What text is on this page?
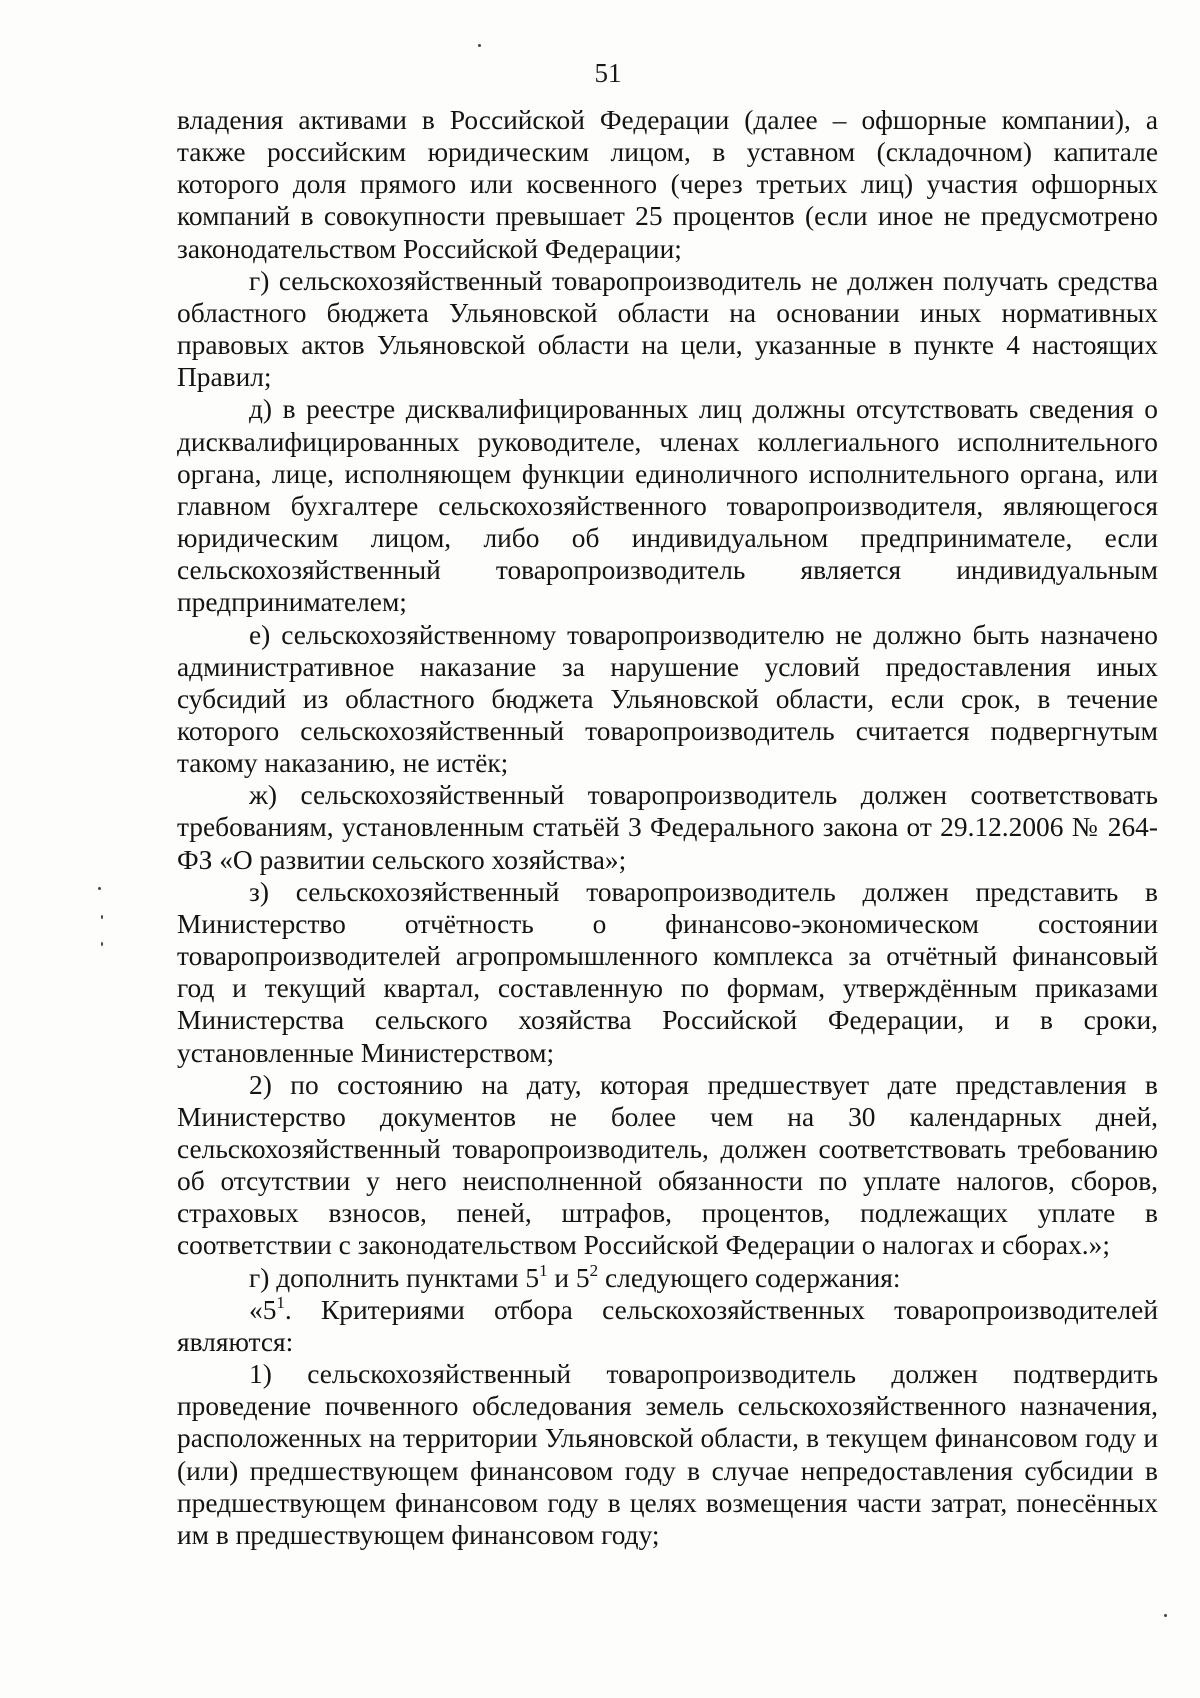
51

владения активами в Российской Федерации (далее – офшорные компании), а также российским юридическим лицом, в уставном (складочном) капитале которого доля прямого или косвенного (через третьих лиц) участия офшорных компаний в совокупности превышает 25 процентов (если иное не предусмотрено законодательством Российской Федерации;

г) сельскохозяйственный товаропроизводитель не должен получать средства областного бюджета Ульяновской области на основании иных нормативных правовых актов Ульяновской области на цели, указанные в пункте 4 настоящих Правил;

д) в реестре дисквалифицированных лиц должны отсутствовать сведения о дисквалифицированных руководителе, членах коллегиального исполнительного органа, лице, исполняющем функции единоличного исполнительного органа, или главном бухгалтере сельскохозяйственного товаропроизводителя, являющегося юридическим лицом, либо об индивидуальном предпринимателе, если сельскохозяйственный товаропроизводитель является индивидуальным предпринимателем;

е) сельскохозяйственному товаропроизводителю не должно быть назначено административное наказание за нарушение условий предоставления иных субсидий из областного бюджета Ульяновской области, если срок, в течение которого сельскохозяйственный товаропроизводитель считается подвергнутым такому наказанию, не истёк;

ж) сельскохозяйственный товаропроизводитель должен соответствовать требованиям, установленным статьёй 3 Федерального закона от 29.12.2006 № 264-ФЗ «О развитии сельского хозяйства»;

з) сельскохозяйственный товаропроизводитель должен представить в Министерство отчётность о финансово-экономическом состоянии товаропроизводителей агропромышленного комплекса за отчётный финансовый год и текущий квартал, составленную по формам, утверждённым приказами Министерства сельского хозяйства Российской Федерации, и в сроки, установленные Министерством;

2) по состоянию на дату, которая предшествует дате представления в Министерство документов не более чем на 30 календарных дней, сельскохозяйственный товаропроизводитель, должен соответствовать требованию об отсутствии у него неисполненной обязанности по уплате налогов, сборов, страховых взносов, пеней, штрафов, процентов, подлежащих уплате в соответствии с законодательством Российской Федерации о налогах и сборах.»;

г) дополнить пунктами $5^1$ и $5^2$ следующего содержания:

«$5^1$. Критериями отбора сельскохозяйственных товаропроизводителей являются:

1) сельскохозяйственный товаропроизводитель должен подтвердить проведение почвенного обследования земель сельскохозяйственного назначения, расположенных на территории Ульяновской области, в текущем финансовом году и (или) предшествующем финансовом году в случае непредоставления субсидии в предшествующем финансовом году в целях возмещения части затрат, понесённых им в предшествующем финансовом году;
